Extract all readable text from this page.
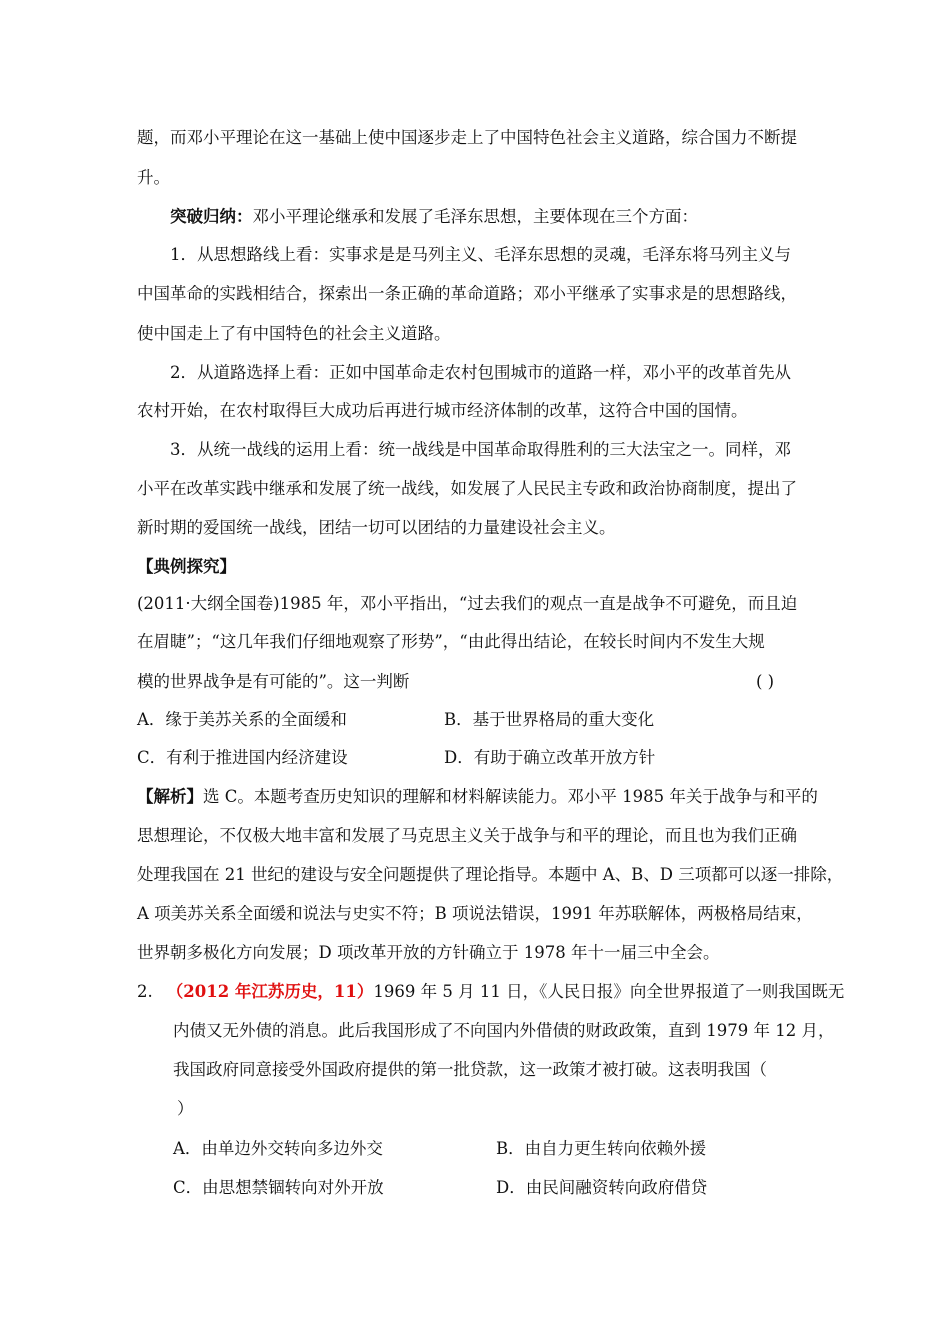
题，而邓小平理论在这一基础上使中国逐步走上了中国特色社会主义道路，综合国力不断提
升。
突破归纳：邓小平理论继承和发展了毛泽东思想，主要体现在三个方面：
1．从思想路线上看：实事求是是马列主义、毛泽东思想的灵魂，毛泽东将马列主义与
中国革命的实践相结合，探索出一条正确的革命道路；邓小平继承了实事求是的思想路线，
使中国走上了有中国特色的社会主义道路。
2．从道路选择上看：正如中国革命走农村包围城市的道路一样，邓小平的改革首先从
农村开始，在农村取得巨大成功后再进行城市经济体制的改革，这符合中国的国情。
3．从统一战线的运用上看：统一战线是中国革命取得胜利的三大法宝之一。同样，邓
小平在改革实践中继承和发展了统一战线，如发展了人民民主专政和政治协商制度，提出了
新时期的爱国统一战线，团结一切可以团结的力量建设社会主义。
【典例探究】
(2011·大纲全国卷)1985 年，邓小平指出，“过去我们的观点一直是战争不可避免，而且迫
在眉睫”；“这几年我们仔细地观察了形势”，“由此得出结论，在较长时间内不发生大规
模的世界战争是有可能的”。这一判断	( )
A．缘于美苏关系的全面缓和	B．基于世界格局的重大变化
C．有利于推进国内经济建设	D．有助于确立改革开放方针
【解析】选 C。本题考查历史知识的理解和材料解读能力。邓小平 1985 年关于战争与和平的
思想理论，不仅极大地丰富和发展了马克思主义关于战争与和平的理论，而且也为我们正确
处理我国在 21 世纪的建设与安全问题提供了理论指导。本题中 A、B、D 三项都可以逐一排除，
A 项美苏关系全面缓和说法与史实不符；B 项说法错误，1991 年苏联解体，两极格局结束，
世界朝多极化方向发展；D 项改革开放的方针确立于 1978 年十一届三中全会。
2. （2012 年江苏历史，11）1969 年 5 月 11 日，《人民日报》向全世界报道了一则我国既无
内债又无外债的消息。此后我国形成了不向国内外借债的财政政策，直到 1979 年 12 月，
我国政府同意接受外国政府提供的第一批贷款，这一政策才被打破。这表明我国（
）
A．由单边外交转向多边外交	B．由自力更生转向依赖外援
C．由思想禁锢转向对外开放	D．由民间融资转向政府借贷
